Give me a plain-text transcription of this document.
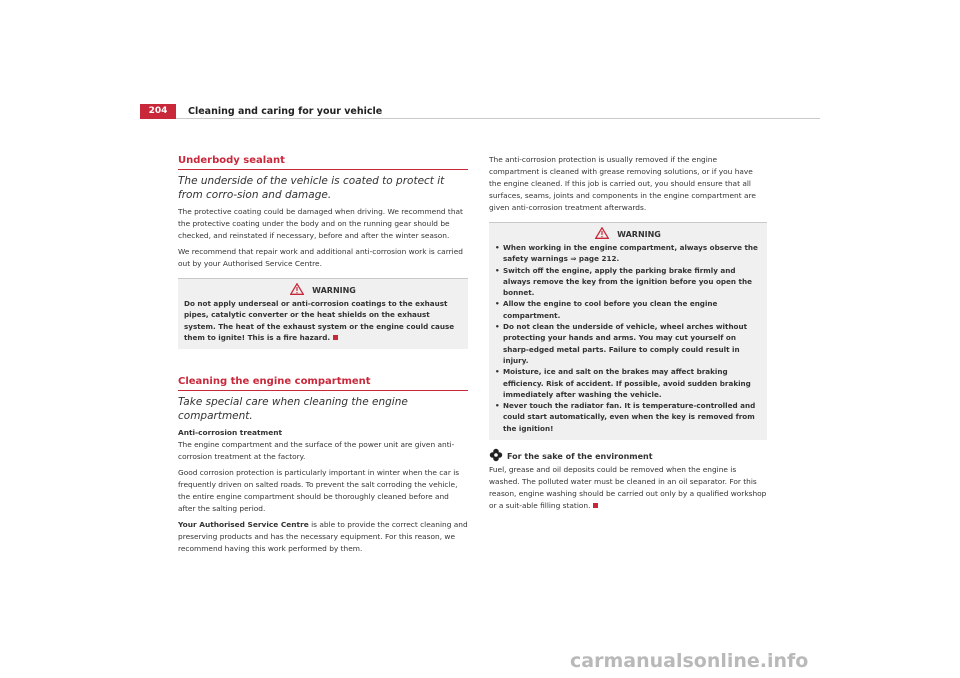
204	Cleaning and caring for your vehicle
Underbody sealant
The underside of the vehicle is coated to protect it from corro-sion and damage.

The protective coating could be damaged when driving. We recommend that the protective coating under the body and on the running gear should be checked, and reinstated if necessary, before and after the winter season.

We recommend that repair work and additional anti-corrosion work is carried out by your Authorised Service Centre.

WARNING
Do not apply underseal or anti-corrosion coatings to the exhaust pipes, catalytic converter or the heat shields on the exhaust system. The heat of the exhaust system or the engine could cause them to ignite! This is a fire hazard.
Cleaning the engine compartment
Take special care when cleaning the engine compartment.

Anti-corrosion treatment

The engine compartment and the surface of the power unit are given anti-corrosion treatment at the factory.

Good corrosion protection is particularly important in winter when the car is frequently driven on salted roads. To prevent the salt corroding the vehicle, the entire engine compartment should be thoroughly cleaned before and after the salting period.

Your Authorised Service Centre is able to provide the correct cleaning and preserving products and has the necessary equipment. For this reason, we recommend having this work performed by them.

The anti-corrosion protection is usually removed if the engine compartment is cleaned with grease removing solutions, or if you have the engine cleaned. If this job is carried out, you should ensure that all surfaces, seams, joints and components in the engine compartment are given anti-corrosion treatment afterwards.

WARNING
• When working in the engine compartment, always observe the safety warnings ⇒ page 212.
• Switch off the engine, apply the parking brake firmly and always remove the key from the ignition before you open the bonnet.
• Allow the engine to cool before you clean the engine compartment.
• Do not clean the underside of vehicle, wheel arches without protecting your hands and arms. You may cut yourself on sharp-edged metal parts. Failure to comply could result in injury.
• Moisture, ice and salt on the brakes may affect braking efficiency. Risk of accident. If possible, avoid sudden braking immediately after washing the vehicle.
• Never touch the radiator fan. It is temperature-controlled and could start automatically, even when the key is removed from the ignition!
For the sake of the environment

Fuel, grease and oil deposits could be removed when the engine is washed. The polluted water must be cleaned in an oil separator. For this reason, engine washing should be carried out only by a qualified workshop or a suit-able filling station.

carmanualsonline.info
